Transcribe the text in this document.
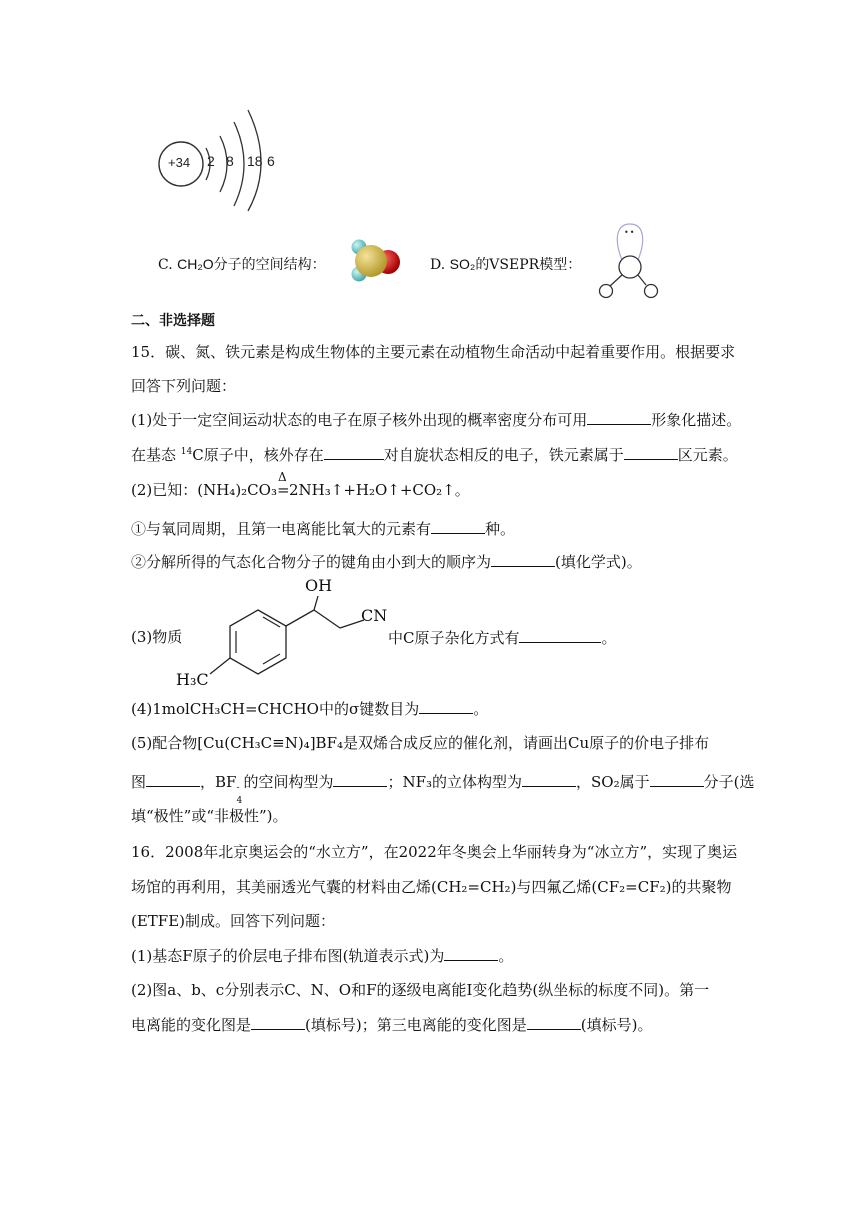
+34 2 8 18 6
C. CH₂O分子的空间结构：	D. SO₂的VSEPR模型：
••
二、非选择题
15．碳、氮、铁元素是构成生物体的主要元素在动植物生命活动中起着重要作用。根据要求
回答下列问题：
(1)处于一定空间运动状态的电子在原子核外出现的概率密度分布可用	形象化描述。
在基态 $^{14}$C原子中，核外存在	对自旋状态相反的电子，铁元素属于	区元素。
(2)已知：(NH₄)₂CO₃
Δ
=2NH₃↑+H₂O↑+CO₂↑。
①与氧同周期，且第一电离能比氧大的元素有	种。
②分解所得的气态化合物分子的键角由小到大的顺序为	(填化学式)。
(3)物质
OH
CN
H₃C
中C原子杂化方式有	。
(4)1molCH₃CH=CHCHO中的σ键数目为	。
(5)配合物[Cu(CH₃C≡N)₄]BF₄是双烯合成反应的催化剂，请画出Cu原子的价电子排布
图	，BF -
4
的空间构型为	；NF₃的立体构型为	，SO₂属于	分子(选
填“极性”或“非极性”)。
16．2008年北京奥运会的“水立方”，在2022年冬奥会上华丽转身为“冰立方”，实现了奥运
场馆的再利用，其美丽透光气囊的材料由乙烯(CH₂=CH₂)与四氟乙烯(CF₂=CF₂)的共聚物
(ETFE)制成。回答下列问题：
(1)基态F原子的价层电子排布图(轨道表示式)为	。
(2)图a、b、c分别表示C、N、O和F的逐级电离能I变化趋势(纵坐标的标度不同)。第一
电离能的变化图是	(填标号)；第三电离能的变化图是	(填标号)。
